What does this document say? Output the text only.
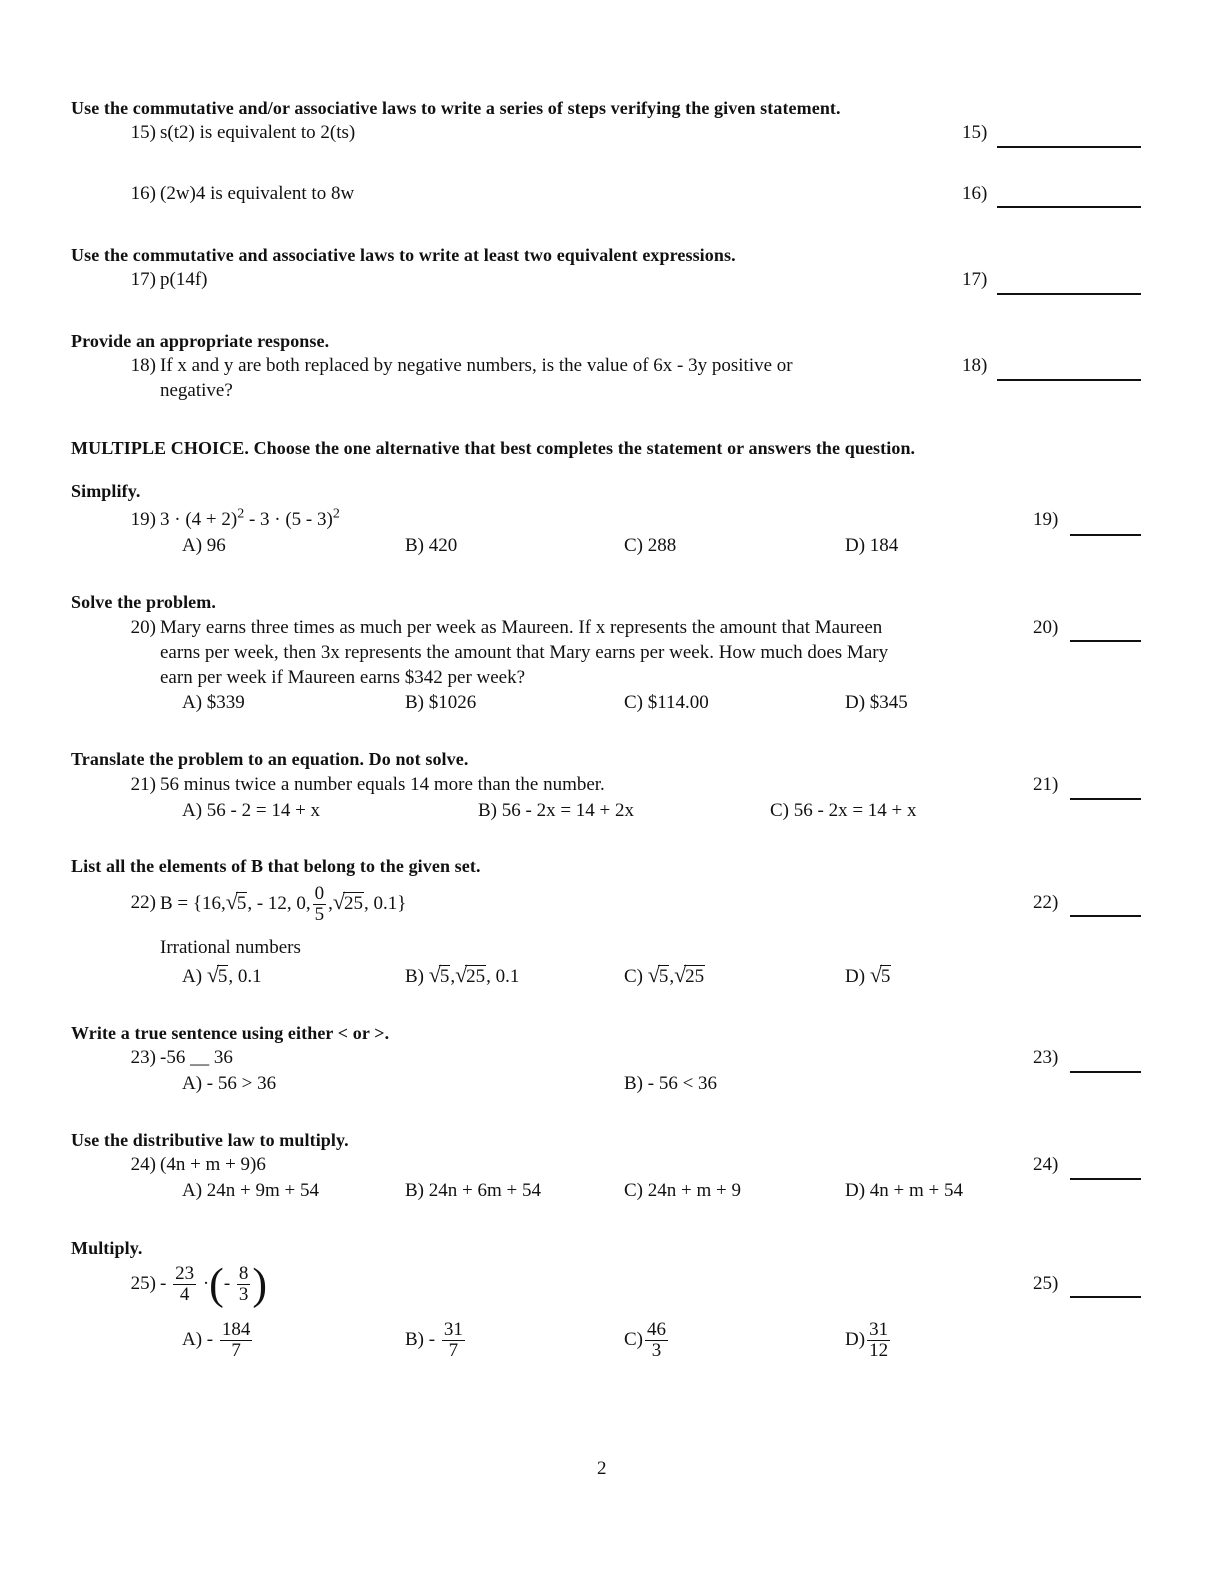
Use the commutative and/or associative laws to write a series of steps verifying the given statement.
15) s(t2) is equivalent to 2(ts)	15)
16) (2w)4 is equivalent to 8w	16)
Use the commutative and associative laws to write at least two equivalent expressions.
17) p(14f)	17)
Provide an appropriate response.
18) If x and y are both replaced by negative numbers, is the value of 6x - 3y positive or
negative?
18)
MULTIPLE CHOICE. Choose the one alternative that best completes the statement or answers the question.
Simplify.
19) $3 \cdot (4 + 2)^2 - 3 \cdot (5 - 3)^2$	19)
A) 96	B) 420	C) 288	D) 184
Solve the problem.
20) Mary earns three times as much per week as Maureen. If x represents the amount that Maureen
earns per week, then 3x represents the amount that Mary earns per week. How much does Mary
earn per week if Maureen earns $342 per week?
20)
A) $339	B) $1026	C) $114.00	D) $345
Translate the problem to an equation. Do not solve.
21) 56 minus twice a number equals 14 more than the number.	21)
A) 56 - 2 = 14 + x	B) 56 - 2x = 14 + 2x	C) 56 - 2x = 14 + x
List all the elements of B that belong to the given set.
22) B = {16,√5, - 12, 0, $\frac{0}{5} ,√25$, 0.1}	22)
Irrational numbers
A) √5, 0.1	B) √5,√25, 0.1	C) √5,√25	D) √5
Write a true sentence using either < or >.
23) -56 __ 36	23)
A) - 56 > 36	B) - 56 < 36
Use the distributive law to multiply.
24) (4n + m + 9)6	24)
A) 24n + 9m + 54	B) 24n + 6m + 54	C) 24n + m + 9	D) 4n + m + 54
Multiply.
$25) - \frac{23}{4}$ ·(- $\frac{8}{3}$ )	25)
$A) - \frac{184}{7}$	$B) - \frac{31}{7}$	$C) \frac{46}{3}$	$D) \frac{31}{12}$
2
